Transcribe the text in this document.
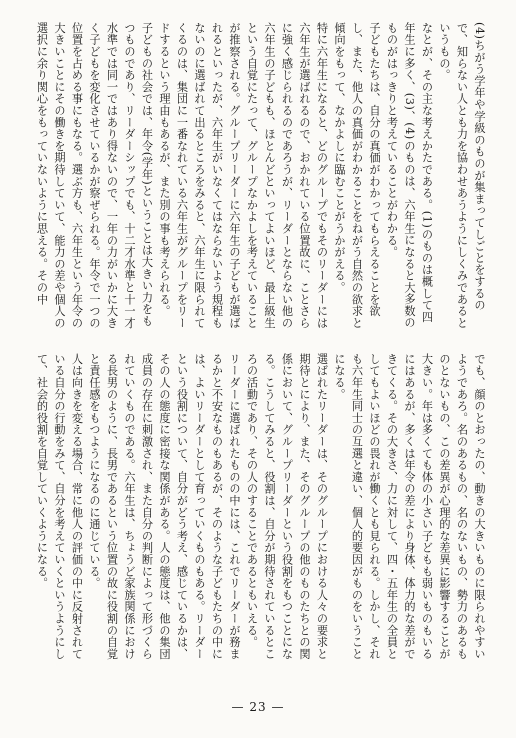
(4)ちがう学年や学級のものが集まってしごとをするので、知らない人とも力を協わせあうようにしくみであるというもの。

なとが、その主な考えかたである。(1)のものは概して四年生に多く、(3)、(4)のものは、六年生になると大多数のものがはっきりと考えていることがわかる。

子どもたちは、自分の真価がわかってもらえることを欲し、また、他人の真価がわかることをねがう自然の欲求と傾向をもって、なかよしに臨むことがうかがえる。

特に六年生になると、どのグループでもそのリーダーには六年生が選ばれるので、おかれている位置故に、ことさらに強く感じられるのであろうが、リーダーとならない他の六年生の子どもも、ほとんどといってよいほど、最上級生という自覚にたって、グループなかよしを考えていることが推察される。グループリーダーに六年生の子どもが選ばれるといったが、六年生がいなくてはならないよう規程もないのに選ばれて出るところをみると、六年生に限られてくるのは、集団に一番なれている六年生がグループをリードするという理由もあるが、また別の事も考えられる。

子どもの社会では、年令(学年)ということは大きい力をもつものであり、リーダーシップでも、十二才水準と十一才水準では同一ではあり得ないので、一年の力がいかに大きく子どもを変化させているかが察ぜられる。年令で一つの位置を占める事にもなる。選ぶ方も、六年生という年令の大きいことにその働きを期待していて、能力の差や個人の選択に余り関心をもっていないように思える。その中

でも、顔のとおったの、動きの大きいものに限られやすいようであろ。名のあるもの、名のないもの、勢力のあるものとないもの、この差異が心理的な差異に影響することが大きい。年は多くても体の小さい子どもも弱いものもいるにはあるが、多くは年令の差により身体、体力的な差ができてくる。その大きさ、力に対して、四・五年生の全員としてもよいほどの畏れが働くとも見られる。しかし、それも六年生同士の互選と違い、個人的要因がものをいうことになる。

選ばれたリーダーは、そのグループにおける人々の要求と期待とにより、また、そのグループの他のものたちとの関係において、グループリーダーという役割をもつことになる。こうしてみると、役割は、自分が期待されているところの活動であり、その人のすることであるともいえる。

リーダーに選ばれたものの中には、これでリーダーが務まるかと不安なものもあるが、そのような子どもたちの中には、よいリーダーとして育っていくものもある。リーダーという役割について、自分がどう考え、感じているかは、その人の態度に密接な関係がある。人の態度は、他の集団成員の存在に刺激され、また自分の判断によって形づくられていくものである。六年生は、ちょうど家族関係における長男のように、長男であるという位置の故に役割の自覚と責任感をもつようになるのに通じている。

人は向きを変える場合、常に他人の評価の中に反射されている自分の行動をみて、自分を考えていくというようにして、社会的役割を自覚していくようになる。

— 23 —
